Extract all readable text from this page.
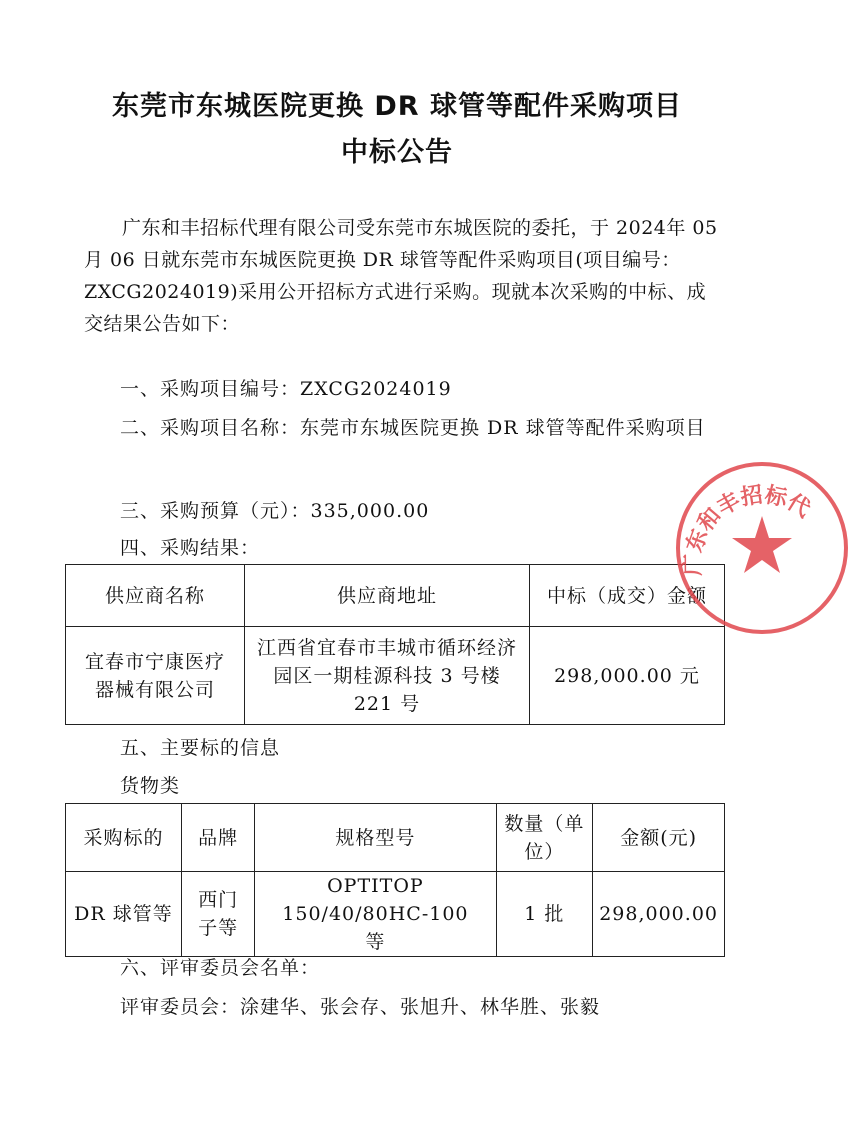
东莞市东城医院更换 DR 球管等配件采购项目
中标公告

广东和丰招标代理有限公司受东莞市东城医院的委托，于 2024年 05 月 06 日就东莞市东城医院更换 DR 球管等配件采购项目(项目编号：ZXCG2024019)采用公开招标方式进行采购。现就本次采购的中标、成交结果公告如下：

一、采购项目编号：ZXCG2024019

二、采购项目名称：东莞市东城医院更换 DR 球管等配件采购项目

三、采购预算（元）：335,000.00
四、采购结果：
供应商名称	供应商地址	中标（成交）金额
宜春市宁康医疗器械有限公司	江西省宜春市丰城市循环经济园区一期桂源科技 3 号楼 221 号	298,000.00 元
五、主要标的信息
货物类
采购标的	品牌	规格型号	数量（单位）	金额(元)
DR 球管等	西门子等	OPTITOP 150/40/80HC-100 等	1 批	298,000.00
六、评审委员会名单：
评审委员会：涂建华、张会存、张旭升、林华胜、张毅
广东和丰招标代
